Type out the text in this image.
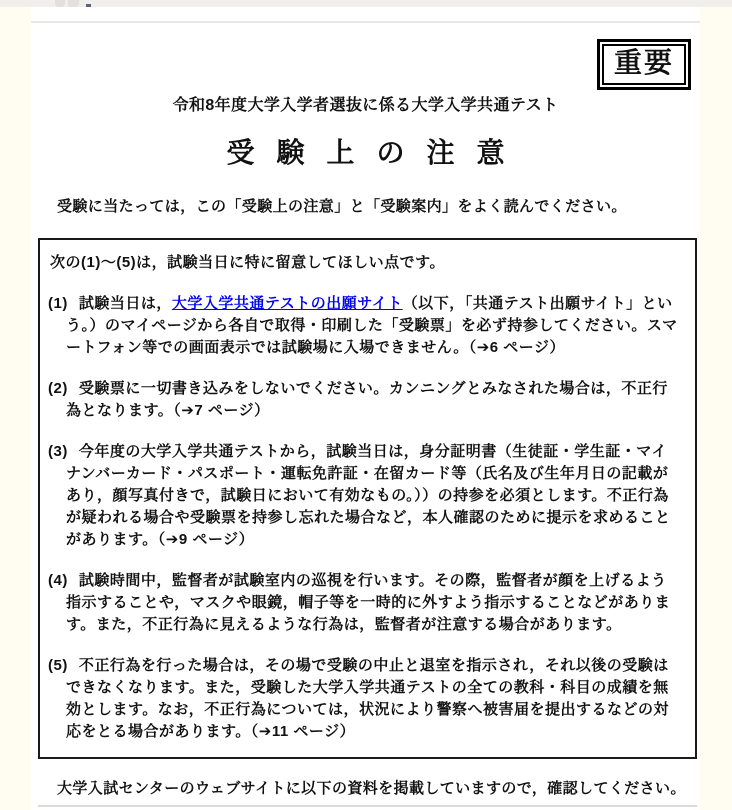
重要
令和8年度大学入学者選抜に係る大学入学共通テスト
受験上の注意
受験に当たっては，この「受験上の注意」と「受験案内」をよく読んでください。

次の(1)～(5)は，試験当日に特に留意してほしい点です。

(1) 試験当日は，大学入学共通テストの出願サイト（以下，「共通テスト出願サイト」という。）のマイページから各自で取得・印刷した「受験票」を必ず持参してください。スマートフォン等での画面表示では試験場に入場できません。（➔6 ページ）

(2) 受験票に一切書き込みをしないでください。カンニングとみなされた場合は，不正行為となります。（➔7 ページ）

(3) 今年度の大学入学共通テストから，試験当日は，身分証明書（生徒証・学生証・マイナンバーカード・パスポート・運転免許証・在留カード等（氏名及び生年月日の記載があり，顔写真付きで，試験日において有効なもの。））の持参を必須とします。不正行為が疑われる場合や受験票を持参し忘れた場合など，本人確認のために提示を求めることがあります。（➔9 ページ）

(4) 試験時間中，監督者が試験室内の巡視を行います。その際，監督者が顔を上げるよう指示することや，マスクや眼鏡，帽子等を一時的に外すよう指示することなどがあります。また，不正行為に見えるような行為は，監督者が注意する場合があります。

(5) 不正行為を行った場合は，その場で受験の中止と退室を指示され，それ以後の受験はできなくなります。また，受験した大学入学共通テストの全ての教科・科目の成績を無効とします。なお，不正行為については，状況により警察へ被害届を提出するなどの対応をとる場合があります。（➔11 ページ）

大学入試センターのウェブサイトに以下の資料を掲載していますので，確認してください。
